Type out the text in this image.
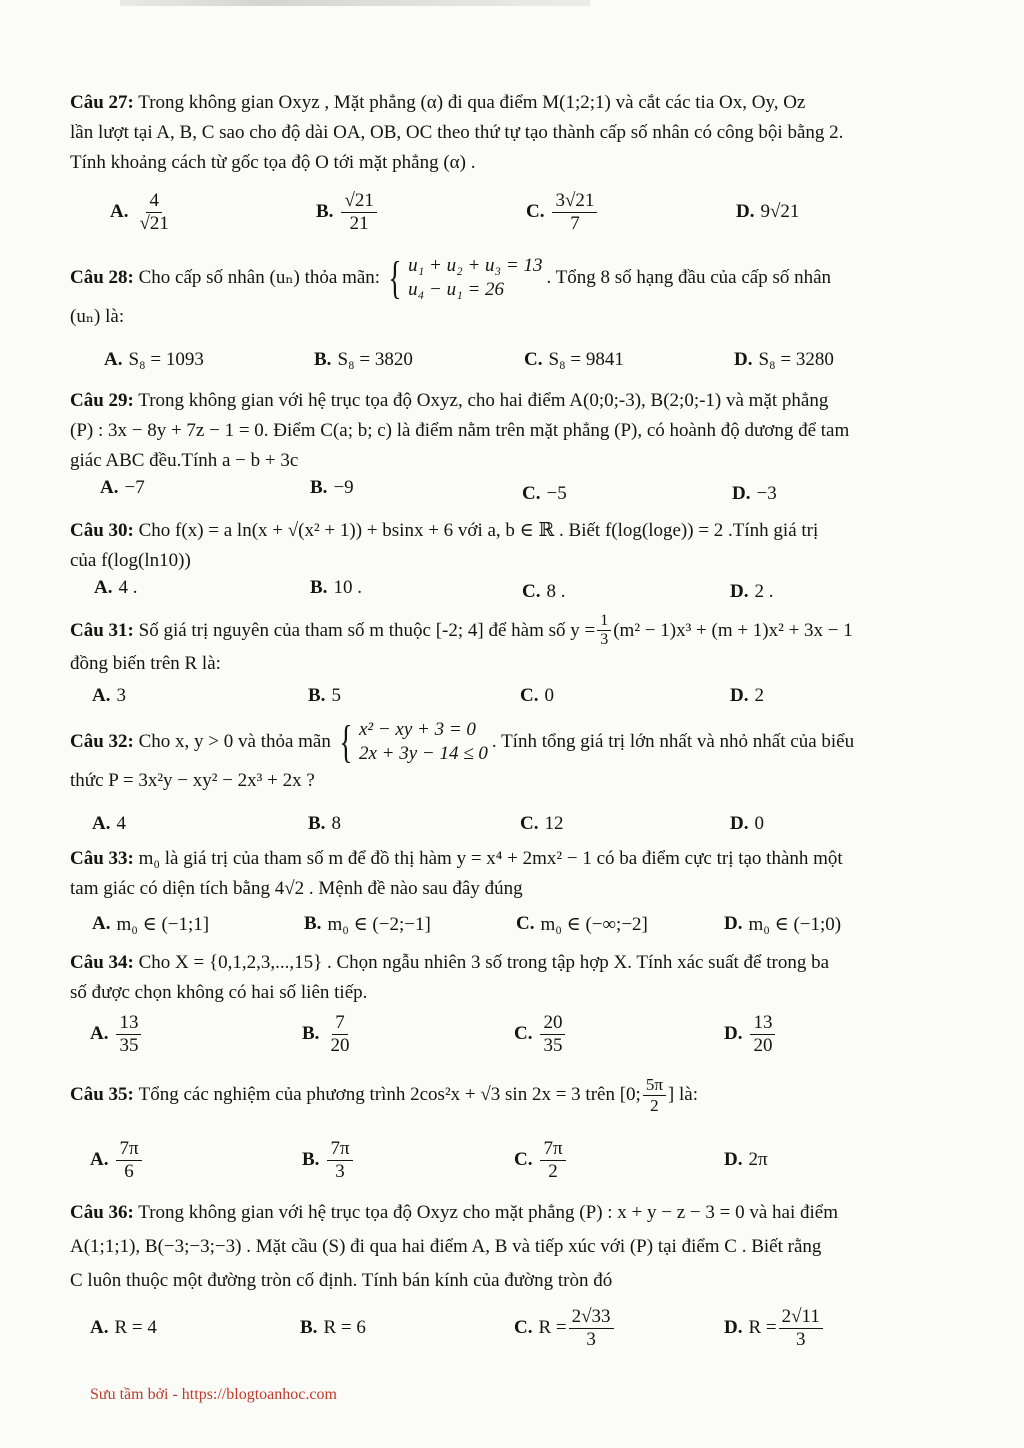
Câu 27: Trong không gian Oxyz , Mặt phẳng (α) đi qua điểm M(1;2;1) và cắt các tia Ox, Oy, Oz
lần lượt tại A, B, C sao cho độ dài OA, OB, OC theo thứ tự tạo thành cấp số nhân có công bội bằng 2.
Tính khoảng cách từ gốc tọa độ O tới mặt phẳng (α) .
A. $\frac{4}{√21}$	B. $\frac{√21}{21}$	C. $\frac{3√21}{7}$	D. 9√21
Câu 28:
Cho cấp số nhân (uₙ) thỏa mãn: { u₁ + u₂ + u₃ = 13
u₄ − u₁ = 26
. Tổng 8 số hạng đầu của cấp số nhân
(uₙ) là:
A. S₈ = 1093	B. S₈ = 3820	C. S₈ = 9841	D. S₈ = 3280
Câu 29: Trong không gian với hệ trục tọa độ Oxyz, cho hai điểm A(0;0;-3), B(2;0;-1) và mặt phẳng
(P) : 3x − 8y + 7z − 1 = 0. Điểm C(a; b; c) là điểm nằm trên mặt phẳng (P), có hoành độ dương để tam
giác ABC đều.Tính a − b + 3c
A. −7	B. −9	C. −5	D. −3
Câu 30: Cho f(x) = a ln(x + √(x² + 1)) + bsinx + 6 với a, b ∈ ℝ . Biết f(log(loge)) = 2 .Tính giá trị
của f(log(ln10))
A. 4 .	B. 10 .	C. 8 .	D. 2 .
Câu 31:
Số giá trị nguyên của tham số m thuộc [-2; 4] để hàm số $y = \frac{1}{3} (m^2 - 1)x^3 + (m + 1)x^2 + 3x - 1$
đồng biến trên R là:
A. 3	B. 5	C. 0	D. 2
Câu 32:
Cho x, y > 0 và thỏa mãn { x² − xy + 3 = 0
2x + 3y − 14 ≤ 0
. Tính tổng giá trị lớn nhất và nhỏ nhất của biểu
thức P = 3x²y − xy² − 2x³ + 2x ?
A. 4	B. 8	C. 12	D. 0
Câu 33: m₀ là giá trị của tham số m để đồ thị hàm y = x⁴ + 2mx² − 1 có ba điểm cực trị tạo thành một
tam giác có diện tích bằng 4√2 . Mệnh đề nào sau đây đúng
A. m₀ ∈ (−1;1]	B. m₀ ∈ (−2;−1]	C. m₀ ∈ (−∞;−2]	D. m₀ ∈ (−1;0)
Câu 34: Cho X = {0,1,2,3,...,15} . Chọn ngẫu nhiên 3 số trong tập hợp X. Tính xác suất để trong ba
số được chọn không có hai số liên tiếp.
A. $\frac{13}{35}$	B. $\frac{7}{20}$	C. $\frac{20}{35}$	D. $\frac{13}{20}$
Câu 35:
Tổng các nghiệm của phương trình 2cos²x + √3 sin 2x = 3 trên [0; $\frac{5\pi}{2}$ ] là:
A. $\frac{7\pi}{6}$	B. $\frac{7\pi}{3}$	C. $\frac{7\pi}{2}$	D. 2π
Câu 36: Trong không gian với hệ trục tọa độ Oxyz cho mặt phẳng (P) : x + y − z − 3 = 0 và hai điểm
A(1;1;1), B(−3;−3;−3) . Mặt cầu (S) đi qua hai điểm A, B và tiếp xúc với (P) tại điểm C . Biết rằng
C luôn thuộc một đường tròn cố định. Tính bán kính của đường tròn đó
A. R = 4	B. R = 6	C. $R = \frac{2√33}{3}$	D. $R = \frac{2√11}{3}$
Sưu tầm bởi - https://blogtoanhoc.com
